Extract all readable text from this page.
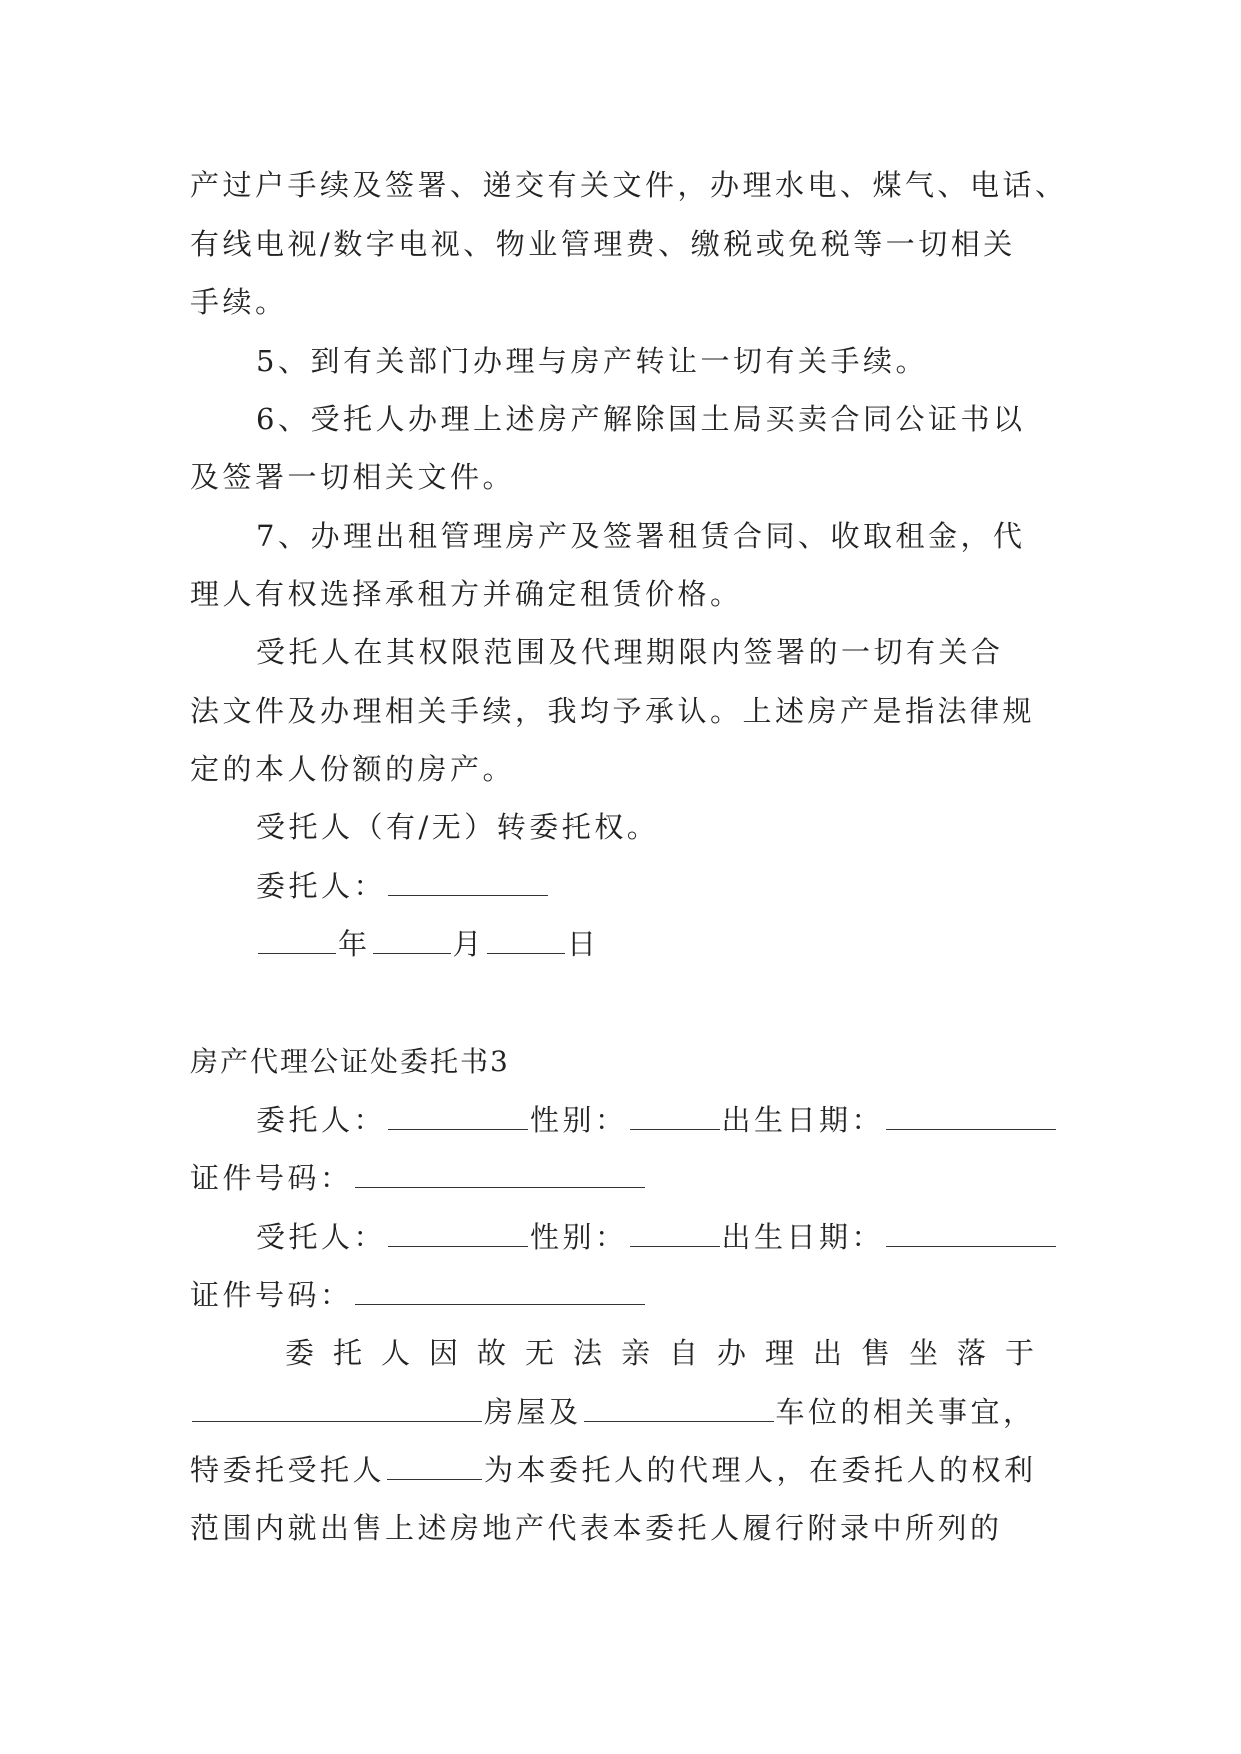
产过户手续及签署、递交有关文件，办理水电、煤气、电话、
有线电视/数字电视、物业管理费、缴税或免税等一切相关
手续。
5、到有关部门办理与房产转让一切有关手续。
6、受托人办理上述房产解除国土局买卖合同公证书以
及签署一切相关文件。
7、办理出租管理房产及签署租赁合同、收取租金，代
理人有权选择承租方并确定租赁价格。
受托人在其权限范围及代理期限内签署的一切有关合
法文件及办理相关手续，我均予承认。上述房产是指法律规
定的本人份额的房产。
受托人（有/无）转委托权。
委托人：
年	月	日
房产代理公证处委托书3
委托人：	性别：	出生日期：
证件号码：
受托人：	性别：	出生日期：
证件号码：
委托人因故无法亲自办理出售坐落于
房屋及	车位的相关事宜，
特委托受托人	为本委托人的代理人，在委托人的权利
范围内就出售上述房地产代表本委托人履行附录中所列的
